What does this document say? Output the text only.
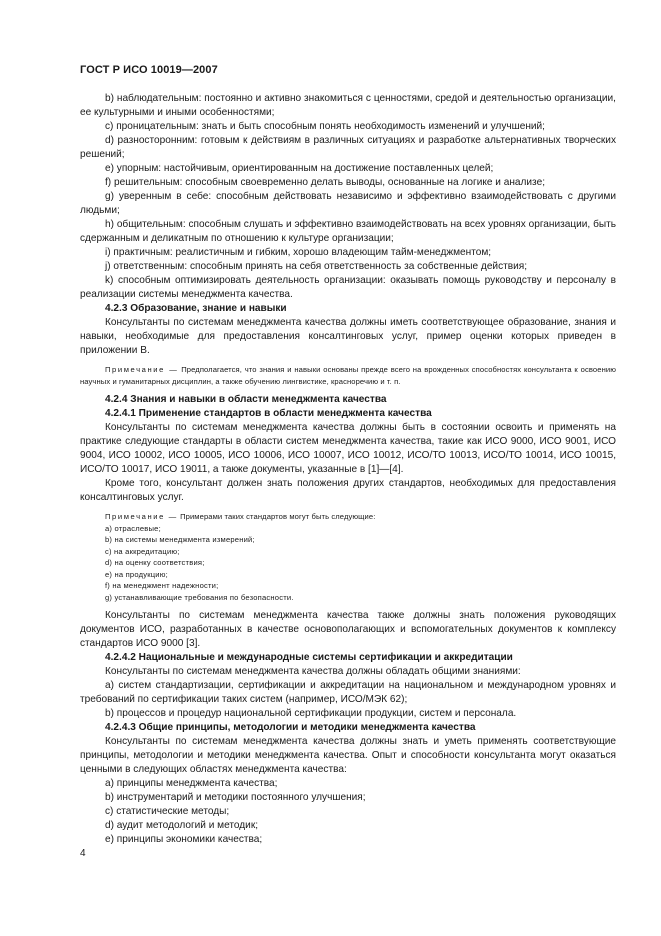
ГОСТ Р ИСО 10019—2007

b) наблюдательным: постоянно и активно знакомиться с ценностями, средой и деятельностью организации, ее культурными и иными особенностями;

c) проницательным: знать и быть способным понять необходимость изменений и улучшений;

d) разносторонним: готовым к действиям в различных ситуациях и разработке альтернативных творческих решений;

e) упорным: настойчивым, ориентированным на достижение поставленных целей;

f) решительным: способным своевременно делать выводы, основанные на логике и анализе;

g) уверенным в себе: способным действовать независимо и эффективно взаимодействовать с другими людьми;

h) общительным: способным слушать и эффективно взаимодействовать на всех уровнях организации, быть сдержанным и деликатным по отношению к культуре организации;

i) практичным: реалистичным и гибким, хорошо владеющим тайм-менеджментом;

j) ответственным: способным принять на себя ответственность за собственные действия;

k) способным оптимизировать деятельность организации: оказывать помощь руководству и персоналу в реализации системы менеджмента качества.

4.2.3 Образование, знание и навыки

Консультанты по системам менеджмента качества должны иметь соответствующее образование, знания и навыки, необходимые для предоставления консалтинговых услуг, пример оценки которых приведен в приложении В.

Примечание — Предполагается, что знания и навыки основаны прежде всего на врожденных способностях консультанта к освоению научных и гуманитарных дисциплин, а также обучению лингвистике, красноречию и т. п.

4.2.4 Знания и навыки в области менеджмента качества

4.2.4.1 Применение стандартов в области менеджмента качества

Консультанты по системам менеджмента качества должны быть в состоянии освоить и применять на практике следующие стандарты в области систем менеджмента качества, такие как ИСО 9000, ИСО 9001, ИСО 9004, ИСО 10002, ИСО 10005, ИСО 10006, ИСО 10007, ИСО 10012, ИСО/ТО 10013, ИСО/ТО 10014, ИСО 10015, ИСО/ТО 10017, ИСО 19011, а также документы, указанные в [1]—[4].

Кроме того, консультант должен знать положения других стандартов, необходимых для предоставления консалтинговых услуг.

Примечание — Примерами таких стандартов могут быть следующие:

a) отраслевые;

b) на системы менеджмента измерений;

c) на аккредитацию;

d) на оценку соответствия;

e) на продукцию;

f) на менеджмент надежности;

g) устанавливающие требования по безопасности.

Консультанты по системам менеджмента качества также должны знать положения руководящих документов ИСО, разработанных в качестве основополагающих и вспомогательных документов к комплексу стандартов ИСО 9000 [3].

4.2.4.2 Национальные и международные системы сертификации и аккредитации

Консультанты по системам менеджмента качества должны обладать общими знаниями:

a) систем стандартизации, сертификации и аккредитации на национальном и международном уровнях и требований по сертификации таких систем (например, ИСО/МЭК 62);

b) процессов и процедур национальной сертификации продукции, систем и персонала.

4.2.4.3 Общие принципы, методологии и методики менеджмента качества

Консультанты по системам менеджмента качества должны знать и уметь применять соответствующие принципы, методологии и методики менеджмента качества. Опыт и способности консультанта могут оказаться ценными в следующих областях менеджмента качества:

a) принципы менеджмента качества;

b) инструментарий и методики постоянного улучшения;

c) статистические методы;

d) аудит методологий и методик;

e) принципы экономики качества;

4
